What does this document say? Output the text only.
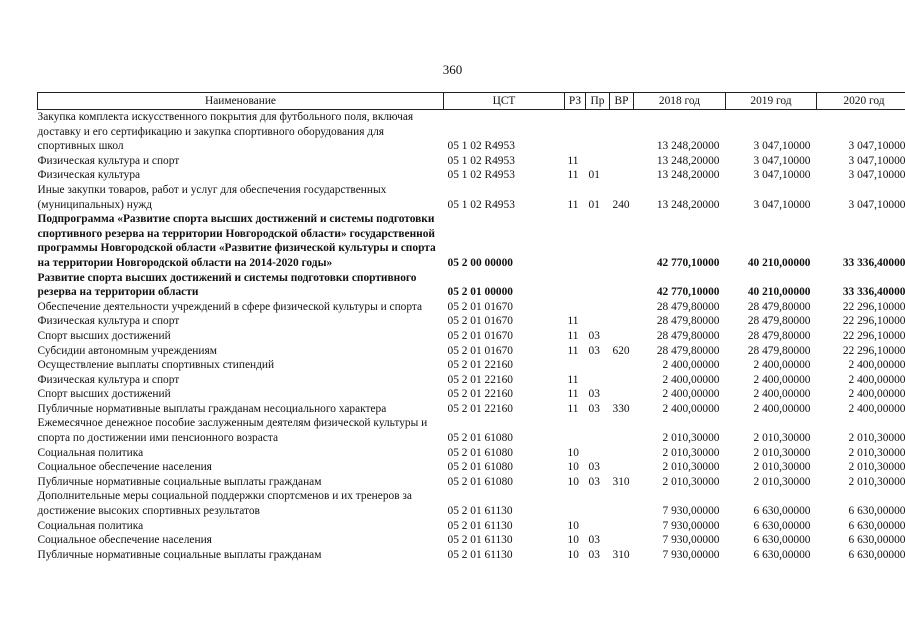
360
Наименование	ЦСТ	РЗ	Пр	ВР	2018 год	2019 год	2020 год
Закупка комплекта искусственного покрытия для футбольного поля, включая доставку и его сертификацию и закупка спортивного оборудования для спортивных школ	05 1 02 R4953				13 248,20000	3 047,10000	3 047,10000
Физическая культура и спорт	05 1 02 R4953	11			13 248,20000	3 047,10000	3 047,10000
Физическая культура	05 1 02 R4953	11	01		13 248,20000	3 047,10000	3 047,10000
Иные закупки товаров, работ и услуг для обеспечения государственных (муниципальных) нужд	05 1 02 R4953	11	01	240	13 248,20000	3 047,10000	3 047,10000
Подпрограмма «Развитие спорта высших достижений и системы подготовки спортивного резерва на территории Новгородской области» государственной программы Новгородской области «Развитие физической культуры и спорта на территории Новгородской области на 2014-2020 годы»	05 2 00 00000				42 770,10000	40 210,00000	33 336,40000
Развитие спорта высших достижений и системы подготовки спортивного резерва на территории области	05 2 01 00000				42 770,10000	40 210,00000	33 336,40000
Обеспечение деятельности учреждений в сфере физической культуры и спорта	05 2 01 01670				28 479,80000	28 479,80000	22 296,10000
Физическая культура и спорт	05 2 01 01670	11			28 479,80000	28 479,80000	22 296,10000
Спорт высших достижений	05 2 01 01670	11	03		28 479,80000	28 479,80000	22 296,10000
Субсидии автономным учреждениям	05 2 01 01670	11	03	620	28 479,80000	28 479,80000	22 296,10000
Осуществление выплаты спортивных стипендий	05 2 01 22160				2 400,00000	2 400,00000	2 400,00000
Физическая культура и спорт	05 2 01 22160	11			2 400,00000	2 400,00000	2 400,00000
Спорт высших достижений	05 2 01 22160	11	03		2 400,00000	2 400,00000	2 400,00000
Публичные нормативные выплаты гражданам несоциального характера	05 2 01 22160	11	03	330	2 400,00000	2 400,00000	2 400,00000
Ежемесячное денежное пособие заслуженным деятелям физической культуры и спорта по достижении ими пенсионного возраста	05 2 01 61080				2 010,30000	2 010,30000	2 010,30000
Социальная политика	05 2 01 61080	10			2 010,30000	2 010,30000	2 010,30000
Социальное обеспечение населения	05 2 01 61080	10	03		2 010,30000	2 010,30000	2 010,30000
Публичные нормативные социальные выплаты гражданам	05 2 01 61080	10	03	310	2 010,30000	2 010,30000	2 010,30000
Дополнительные меры социальной поддержки спортсменов и их тренеров за достижение высоких спортивных результатов	05 2 01 61130				7 930,00000	6 630,00000	6 630,00000
Социальная политика	05 2 01 61130	10			7 930,00000	6 630,00000	6 630,00000
Социальное обеспечение населения	05 2 01 61130	10	03		7 930,00000	6 630,00000	6 630,00000
Публичные нормативные социальные выплаты гражданам	05 2 01 61130	10	03	310	7 930,00000	6 630,00000	6 630,00000
